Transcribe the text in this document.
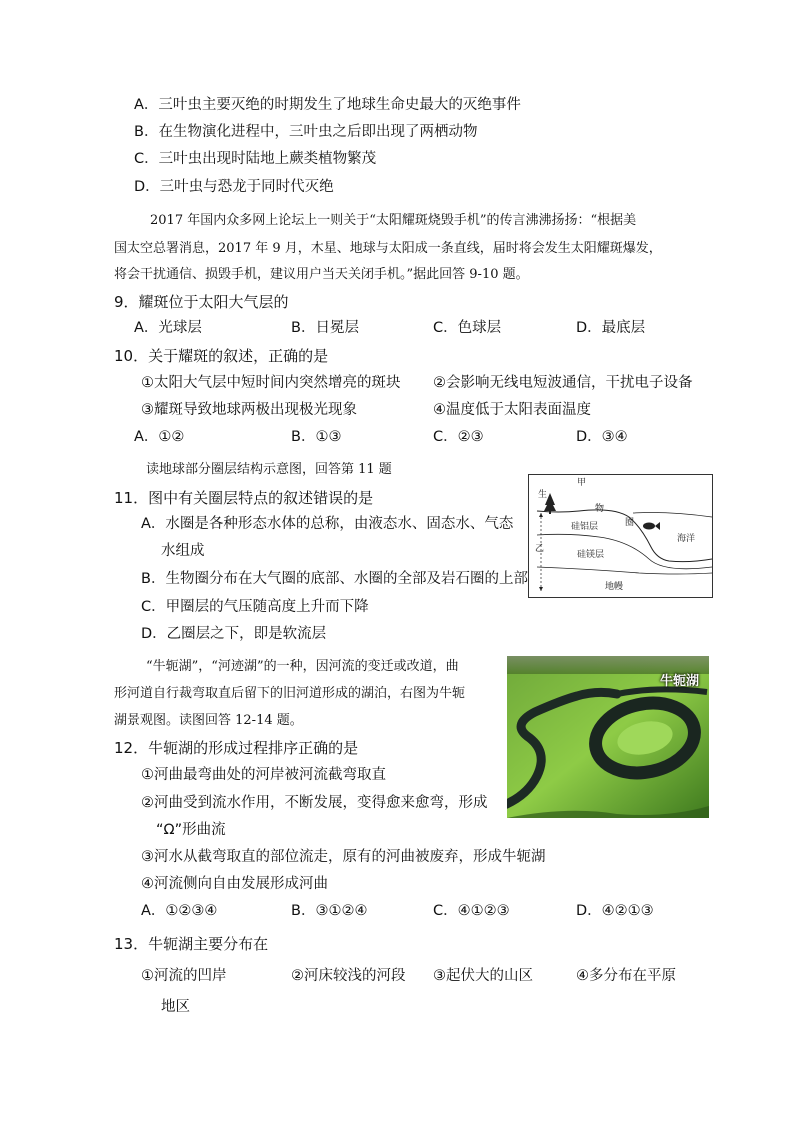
A．三叶虫主要灭绝的时期发生了地球生命史最大的灭绝事件
B．在生物演化进程中，三叶虫之后即出现了两栖动物
C．三叶虫出现时陆地上蕨类植物繁茂
D．三叶虫与恐龙于同时代灭绝
2017 年国内众多网上论坛上一则关于“太阳耀斑烧毁手机”的传言沸沸扬扬：“根据美
国太空总署消息，2017 年 9 月，木星、地球与太阳成一条直线，届时将会发生太阳耀斑爆发，
将会干扰通信、损毁手机，建议用户当天关闭手机。”据此回答 9-10 题。
9．耀斑位于太阳大气层的
A．光球层	B．日冕层	C．色球层	D．最底层
10．关于耀斑的叙述，正确的是
①太阳大气层中短时间内突然增亮的斑块 ②会影响无线电短波通信，干扰电子设备
③耀斑导致地球两极出现极光现象	④温度低于太阳表面温度
A．①②	B．①③	C．②③	D．③④
读地球部分圈层结构示意图，回答第 11 题
11．图中有关圈层特点的叙述错误的是
A．水圈是各种形态水体的总称，由液态水、固态水、气态
水组成
B．生物圈分布在大气圈的底部、水圈的全部及岩石圈的上部
C．甲圈层的气压随高度上升而下降
D．乙圈层之下，即是软流层
甲
生
物
圈
海洋
乙
硅铝层
硅镁层
地幔
“牛轭湖”，“河迹湖”的一种，因河流的变迁或改道，曲
形河道自行裁弯取直后留下的旧河道形成的湖泊，右图为牛轭
湖景观图。读图回答 12-14 题。
牛轭湖
12．牛轭湖的形成过程排序正确的是
①河曲最弯曲处的河岸被河流截弯取直
②河曲受到流水作用，不断发展，变得愈来愈弯，形成
“Ω”形曲流
③河水从截弯取直的部位流走，原有的河曲被废弃，形成牛轭湖
④河流侧向自由发展形成河曲
A．①②③④	B．③①②④	C．④①②③	D．④②①③
13．牛轭湖主要分布在
①河流的凹岸	②河床较浅的河段 ③起伏大的山区	④多分布在平原
地区
